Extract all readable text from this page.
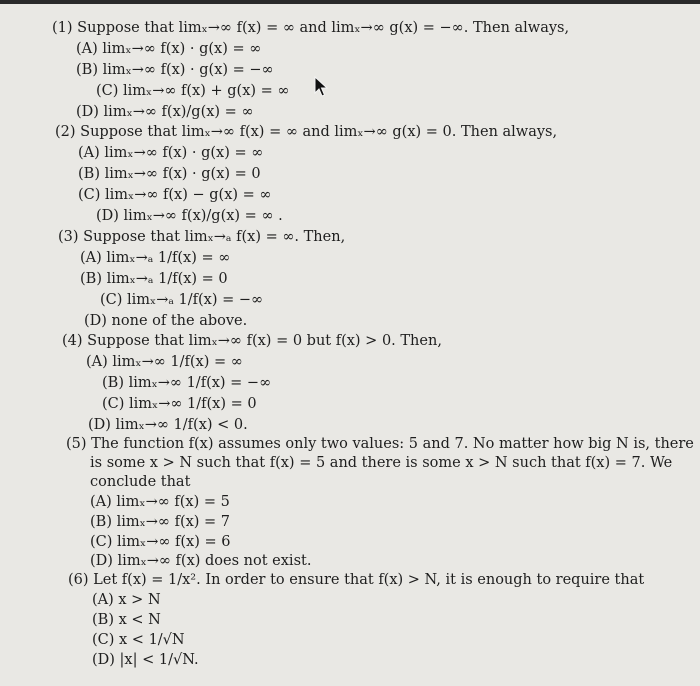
(1) Suppose that limₓ→∞ f(x) = ∞ and limₓ→∞ g(x) = −∞. Then always,
(A) limₓ→∞ f(x) · g(x) = ∞
(B) limₓ→∞ f(x) · g(x) = −∞
(C) limₓ→∞ f(x) + g(x) = ∞
(D) limₓ→∞ f(x)/g(x) = ∞
(2) Suppose that limₓ→∞ f(x) = ∞ and limₓ→∞ g(x) = 0. Then always,
(A) limₓ→∞ f(x) · g(x) = ∞
(B) limₓ→∞ f(x) · g(x) = 0
(C) limₓ→∞ f(x) − g(x) = ∞
(D) limₓ→∞ f(x)/g(x) = ∞ .
(3) Suppose that limₓ→ₐ f(x) = ∞. Then,
(A) limₓ→ₐ 1/f(x) = ∞
(B) limₓ→ₐ 1/f(x) = 0
(C) limₓ→ₐ 1/f(x) = −∞
(D) none of the above.
(4) Suppose that limₓ→∞ f(x) = 0 but f(x) > 0. Then,
(A) limₓ→∞ 1/f(x) = ∞
(B) limₓ→∞ 1/f(x) = −∞
(C) limₓ→∞ 1/f(x) = 0
(D) limₓ→∞ 1/f(x) < 0.
(5) The function f(x) assumes only two values: 5 and 7. No matter how big N is, there
is some x > N such that f(x) = 5 and there is some x > N such that f(x) = 7. We
conclude that
(A) limₓ→∞ f(x) = 5
(B) limₓ→∞ f(x) = 7
(C) limₓ→∞ f(x) = 6
(D) limₓ→∞ f(x) does not exist.
(6) Let f(x) = 1/x². In order to ensure that f(x) > N, it is enough to require that
(A) x > N
(B) x < N
(C) x < 1/√N
(D) |x| < 1/√N.
